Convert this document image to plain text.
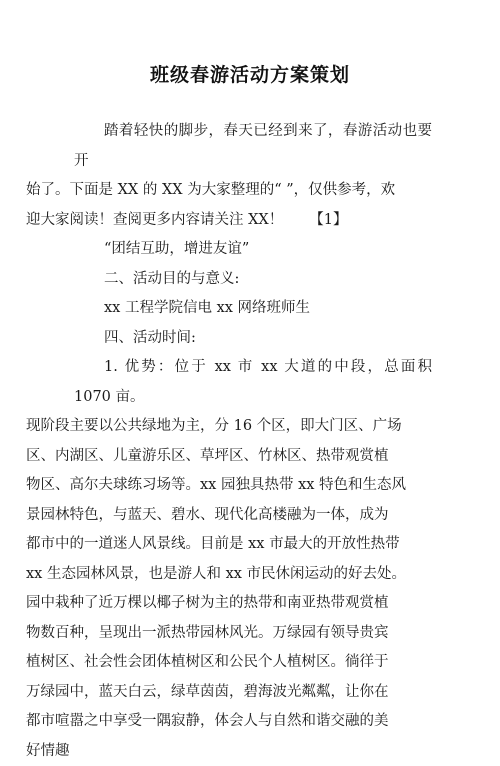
班级春游活动方案策划
踏着轻快的脚步，春天已经到来了，春游活动也要开
始了。下面是 XX 的 XX 为大家整理的“ ”，仅供参考，欢
迎大家阅读！查阅更多内容请关注 XX！ 【1】
“团结互助，增进友谊”
二、活动目的与意义:
xx 工程学院信电 xx 网络班师生
四、活动时间:
1. 优势：位于 xx 市 xx 大道的中段，总面积 1070 亩。
现阶段主要以公共绿地为主，分 16 个区，即大门区、广场
区、内湖区、儿童游乐区、草坪区、竹林区、热带观赏植
物区、高尔夫球练习场等。xx 园独具热带 xx 特色和生态风
景园林特色，与蓝天、碧水、现代化高楼融为一体，成为
都市中的一道迷人风景线。目前是 xx 市最大的开放性热带
xx 生态园林风景，也是游人和 xx 市民休闲运动的好去处。
园中栽种了近万棵以椰子树为主的热带和南亚热带观赏植
物数百种，呈现出一派热带园林风光。万绿园有领导贵宾
植树区、社会性会团体植树区和公民个人植树区。徜徉于
万绿园中，蓝天白云，绿草茵茵，碧海波光粼粼，让你在
都市喧嚣之中享受一隅寂静，体会人与自然和谐交融的美
好情趣
